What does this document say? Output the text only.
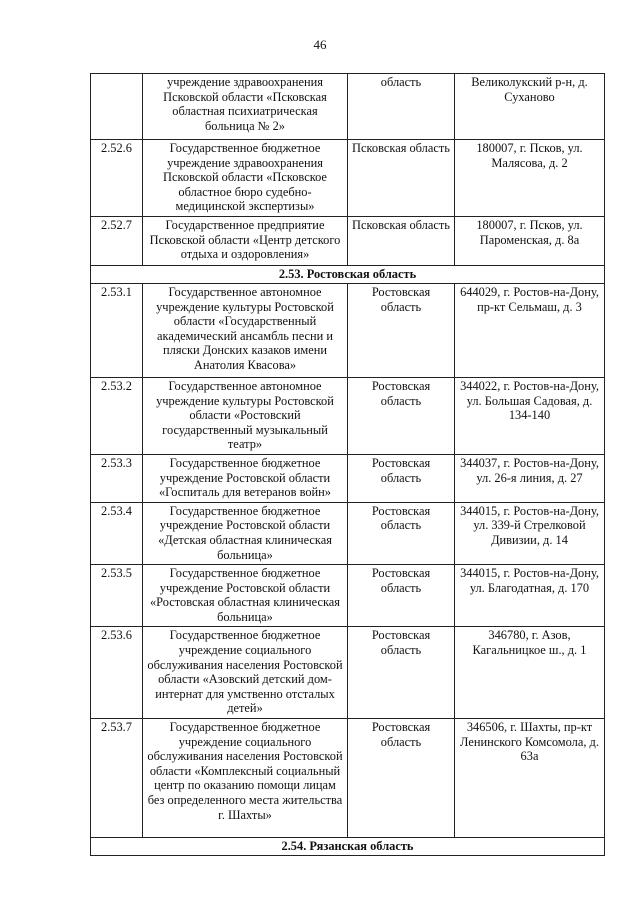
46
	учреждение здравоохранения Псковской области «Псковская областная психиатрическая больница № 2»	область	Великолукский р-н, д. Суханово
2.52.6	Государственное бюджетное учреждение здравоохранения Псковской области «Псковское областное бюро судебно-медицинской экспертизы»	Псковская область	180007, г. Псков, ул. Малясова, д. 2
2.52.7	Государственное предприятие Псковской области «Центр детского отдыха и оздоровления»	Псковская область	180007, г. Псков, ул. Пароменская, д. 8а
2.53. Ростовская область			
2.53.1	Государственное автономное учреждение культуры Ростовской области «Государственный академический ансамбль песни и пляски Донских казаков имени Анатолия Квасова»	Ростовская область	644029, г. Ростов-на-Дону, пр-кт Сельмаш, д. 3
2.53.2	Государственное автономное учреждение культуры Ростовской области «Ростовский государственный музыкальный театр»	Ростовская область	344022, г. Ростов-на-Дону, ул. Большая Садовая, д. 134-140
2.53.3	Государственное бюджетное учреждение Ростовской области «Госпиталь для ветеранов войн»	Ростовская область	344037, г. Ростов-на-Дону, ул. 26-я линия, д. 27
2.53.4	Государственное бюджетное учреждение Ростовской области «Детская областная клиническая больница»	Ростовская область	344015, г. Ростов-на-Дону, ул. 339-й Стрелковой Дивизии, д. 14
2.53.5	Государственное бюджетное учреждение Ростовской области «Ростовская областная клиническая больница»	Ростовская область	344015, г. Ростов-на-Дону, ул. Благодатная, д. 170
2.53.6	Государственное бюджетное учреждение социального обслуживания населения Ростовской области «Азовский детский дом-интернат для умственно отсталых детей»	Ростовская область	346780, г. Азов, Кагальницкое ш., д. 1
2.53.7	Государственное бюджетное учреждение социального обслуживания населения Ростовской области «Комплексный социальный центр по оказанию помощи лицам без определенного места жительства г. Шахты»	Ростовская область	346506, г. Шахты, пр-кт Ленинского Комсомола, д. 63а
2.54. Рязанская область			
